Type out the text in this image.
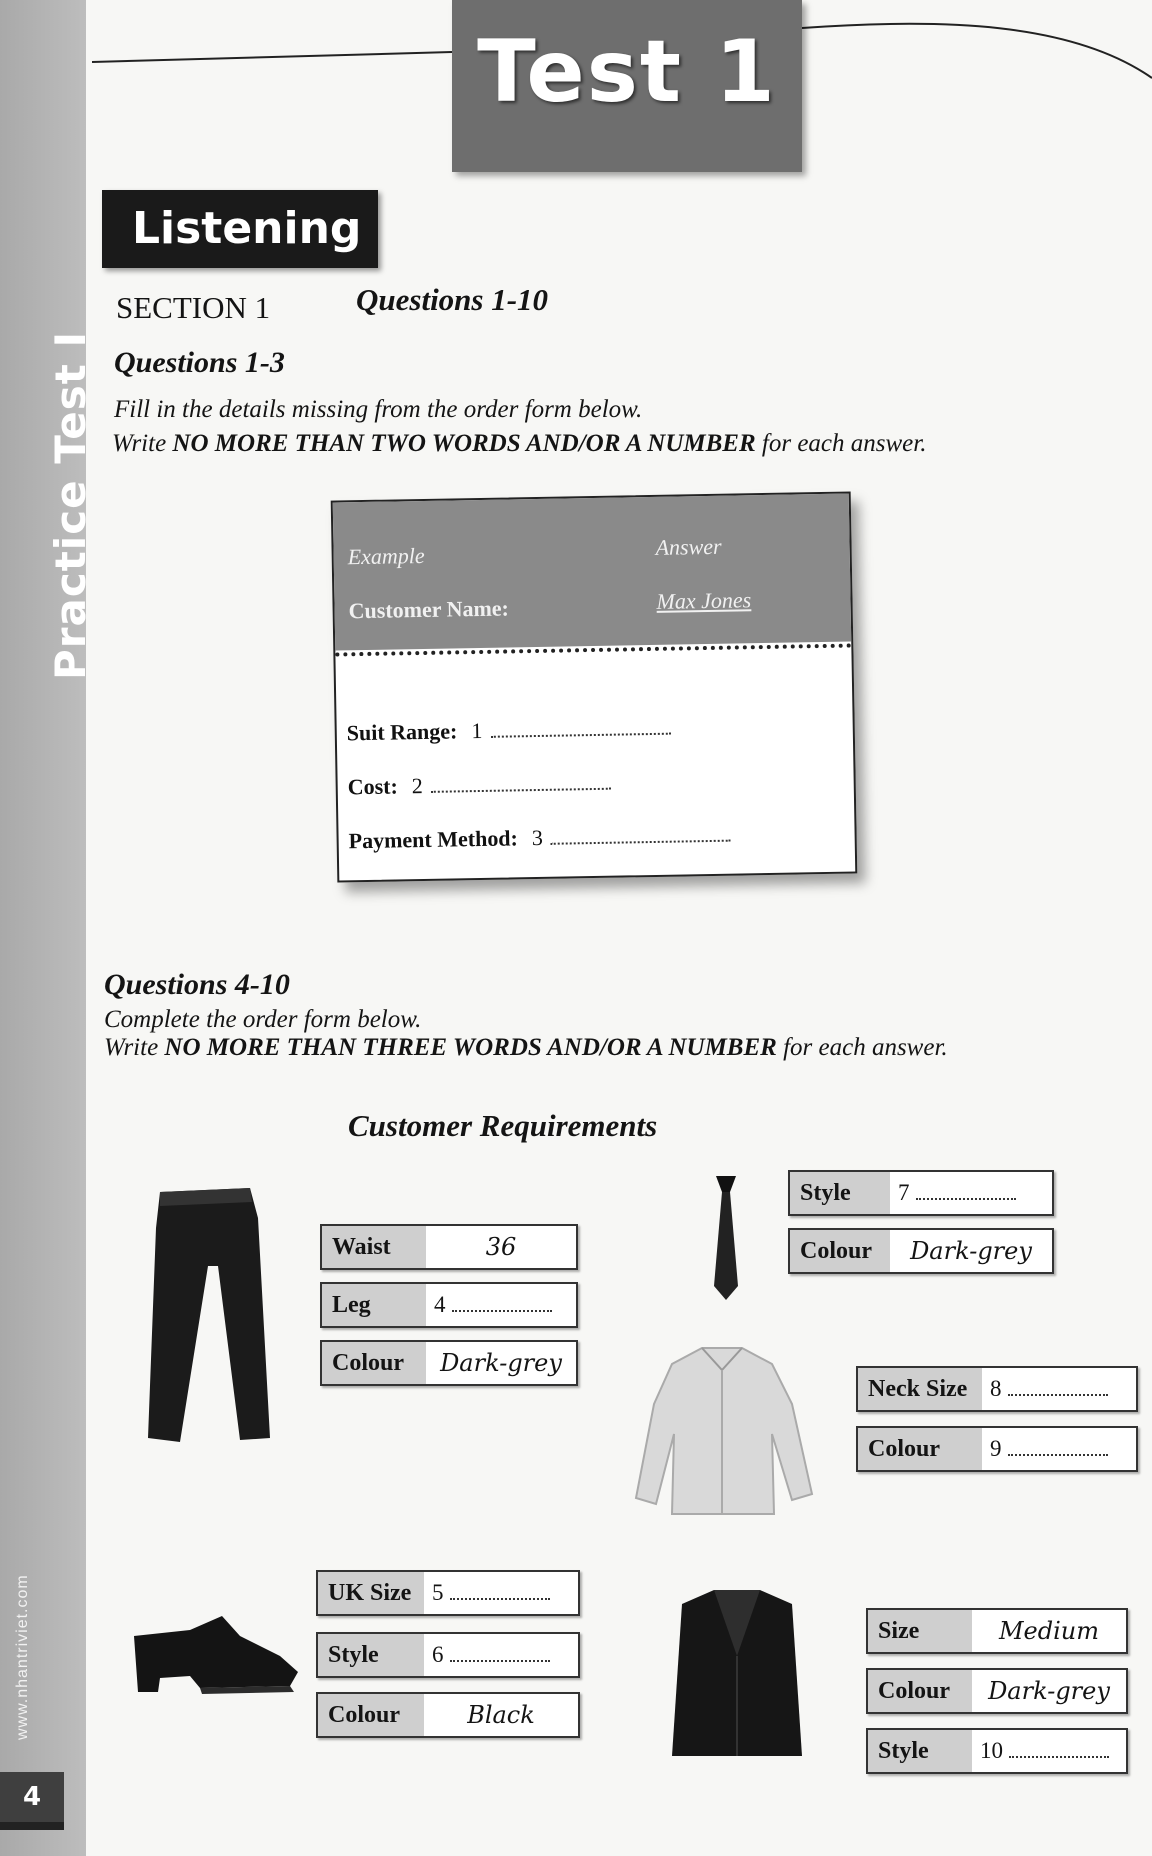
Practice Test I
www.nhantriviet.com
4
Test 1
Listening
SECTION 1	Questions 1-10
Questions 1-3
Fill in the details missing from the order form below.
Write NO MORE THAN TWO WORDS AND/OR A NUMBER for each answer.
Example	Answer
Customer Name:	Max Jones
Suit Range: 1
Cost: 2
Payment Method: 3
Questions 4-10
Complete the order form below.
Write NO MORE THAN THREE WORDS AND/OR A NUMBER for each answer.
Customer Requirements
Waist	36
Leg	4
Colour	Dark-grey
UK Size 5
Style	6
Colour	Black
Style	7
Colour	Dark-grey
Neck Size 8
Colour	9
Size	Medium
Colour	Dark-grey
Style	10
